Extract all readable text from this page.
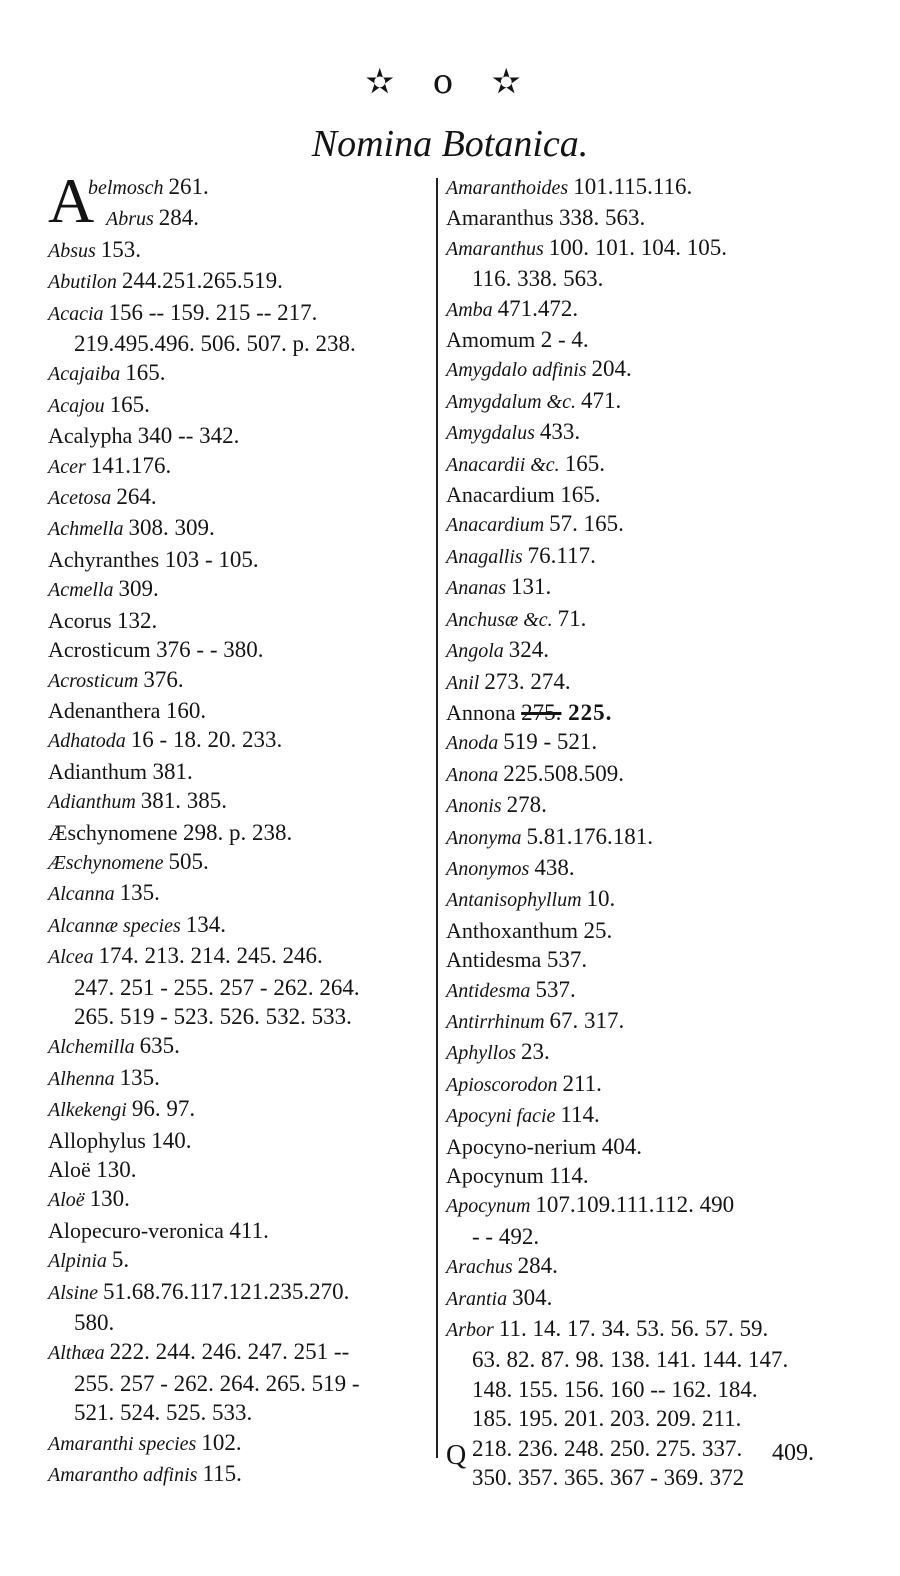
✫ o ✫
Nomina Botanica.
A
belmosch 261.
Abrus 284.
Absus 153.
Abutilon 244.251.265.519.
Acacia 156 -- 159. 215 -- 217.
219.495.496. 506. 507. p. 238.
Acajaiba 165.
Acajou 165.
Acalypha 340 -- 342.
Acer 141.176.
Acetosa 264.
Achmella 308. 309.
Achyranthes 103 - 105.
Acmella 309.
Acorus 132.
Acrosticum 376 - - 380.
Acrosticum 376.
Adenanthera 160.
Adhatoda 16 - 18. 20. 233.
Adianthum 381.
Adianthum 381. 385.
Æschynomene 298. p. 238.
Æschynomene 505.
Alcanna 135.
Alcannæ species 134.
Alcea 174. 213. 214. 245. 246.
247. 251 - 255. 257 - 262. 264.
265. 519 - 523. 526. 532. 533.
Alchemilla 635.
Alhenna 135.
Alkekengi 96. 97.
Allophylus 140.
Aloë 130.
Aloë 130.
Alopecuro-veronica 411.
Alpinia 5.
Alsine 51.68.76.117.121.235.270.
580.
Althæa 222. 244. 246. 247. 251 --
255. 257 - 262. 264. 265. 519 -
521. 524. 525. 533.
Amaranthi species 102.
Amarantho adfinis 115.
Amaranthoides 101.115.116.
Amaranthus 338. 563.
Amaranthus 100. 101. 104. 105.
116. 338. 563.
Amba 471.472.
Amomum 2 - 4.
Amygdalo adfinis 204.
Amygdalum &c. 471.
Amygdalus 433.
Anacardii &c. 165.
Anacardium 165.
Anacardium 57. 165.
Anagallis 76.117.
Ananas 131.
Anchusæ &c. 71.
Angola 324.
Anil 273. 274.
Annona 275. 225.
Anoda 519 - 521.
Anona 225.508.509.
Anonis 278.
Anonyma 5.81.176.181.
Anonymos 438.
Antanisophyllum 10.
Anthoxanthum 25.
Antidesma 537.
Antidesma 537.
Antirrhinum 67. 317.
Aphyllos 23.
Apioscorodon 211.
Apocyni facie 114.
Apocyno-nerium 404.
Apocynum 114.
Apocynum 107.109.111.112. 490
- - 492.
Arachus 284.
Arantia 304.
Arbor 11. 14. 17. 34. 53. 56. 57. 59.
63. 82. 87. 98. 138. 141. 144. 147.
148. 155. 156. 160 -- 162. 184.
185. 195. 201. 203. 209. 211.
218. 236. 248. 250. 275. 337.
350. 357. 365. 367 - 369. 372
Q	409.
